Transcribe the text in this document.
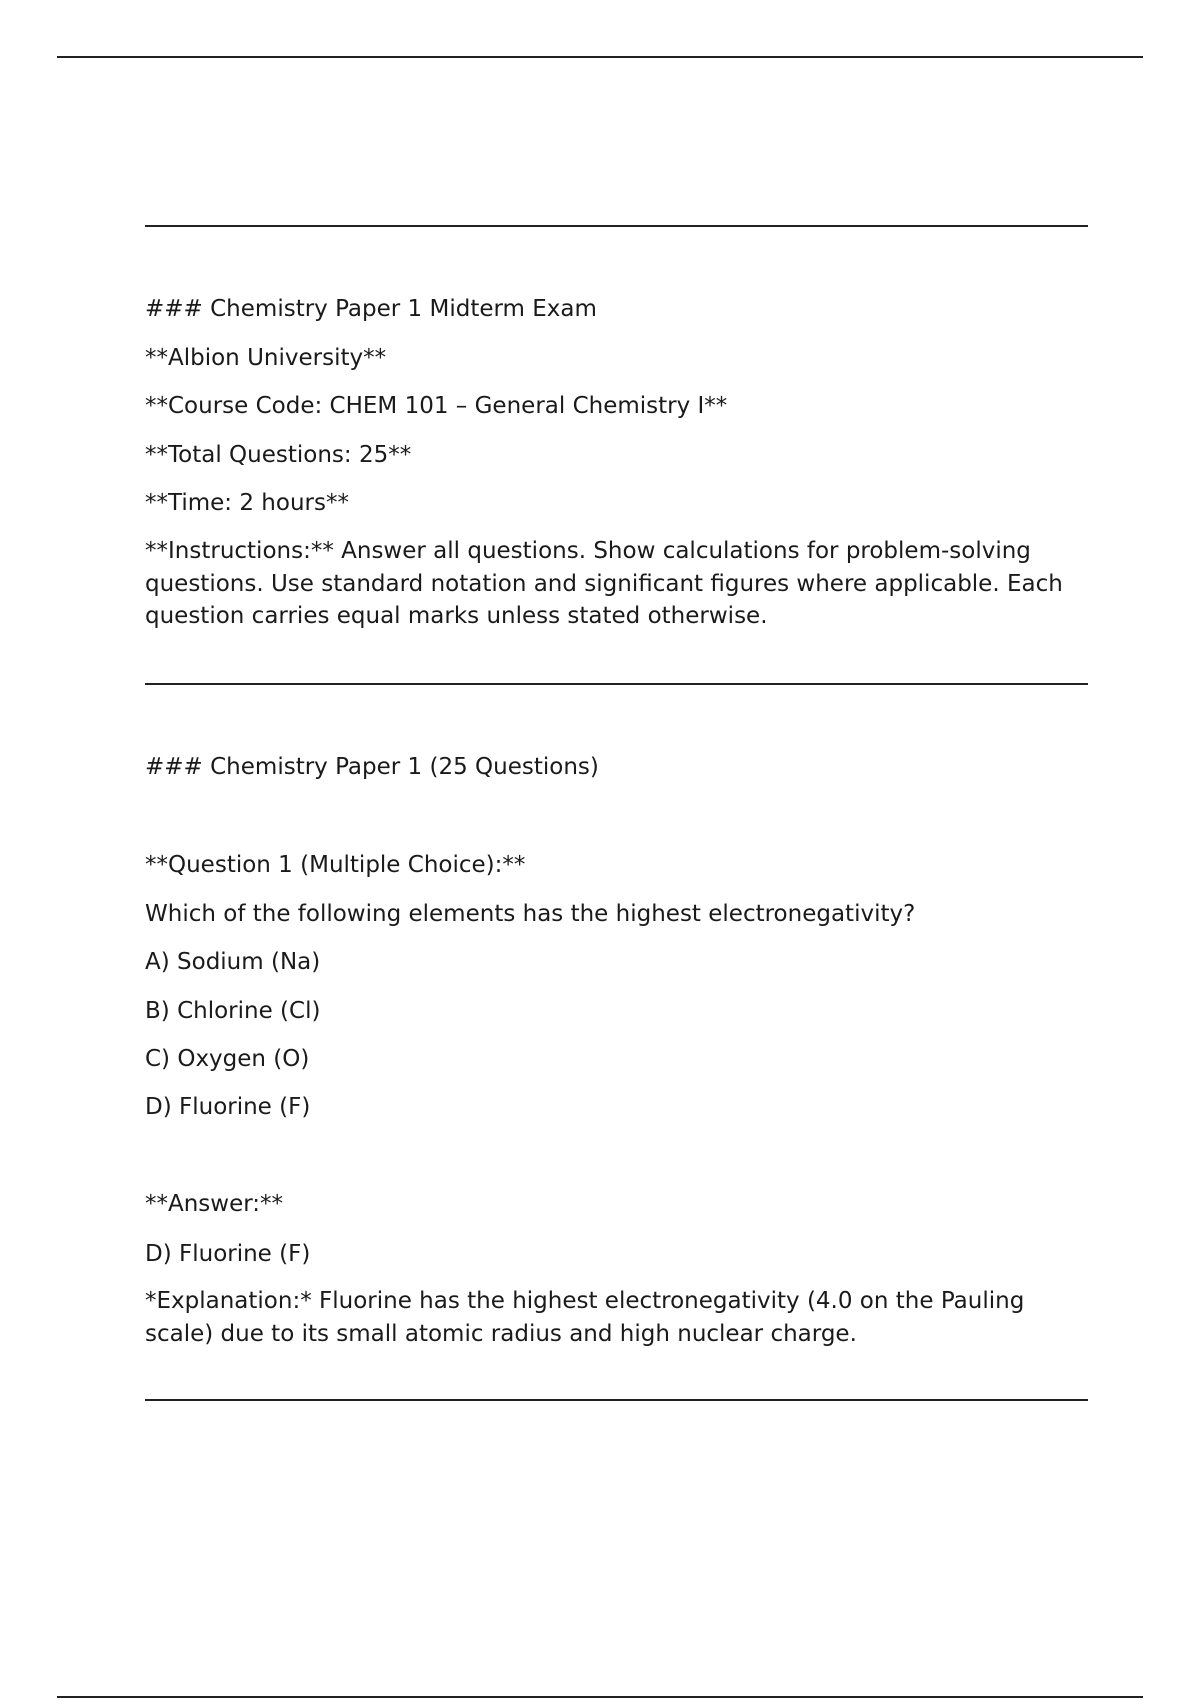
### Chemistry Paper 1 Midterm Exam
**Albion University**
**Course Code: CHEM 101 – General Chemistry I**
**Total Questions: 25**
**Time: 2 hours**
**Instructions:** Answer all questions. Show calculations for problem-solving questions. Use standard notation and significant figures where applicable. Each question carries equal marks unless stated otherwise.
### Chemistry Paper 1 (25 Questions)
**Question 1 (Multiple Choice):**
Which of the following elements has the highest electronegativity?
A) Sodium (Na)
B) Chlorine (Cl)
C) Oxygen (O)
D) Fluorine (F)
**Answer:**
D) Fluorine (F)
*Explanation:* Fluorine has the highest electronegativity (4.0 on the Pauling scale) due to its small atomic radius and high nuclear charge.
